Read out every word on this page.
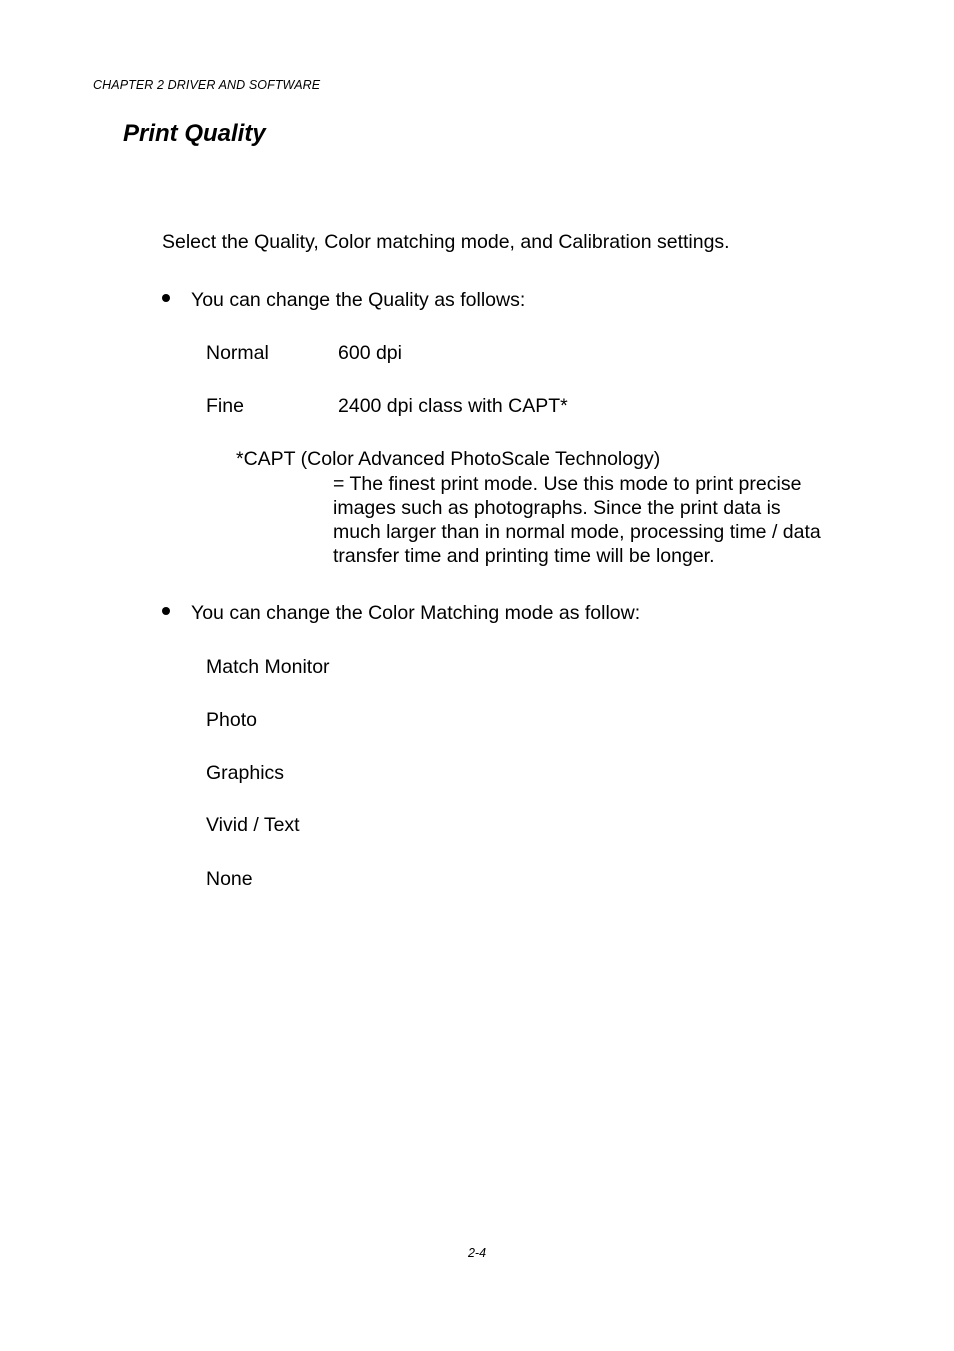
CHAPTER 2 DRIVER AND SOFTWARE
Print Quality
Select the Quality, Color matching mode, and Calibration settings.
You can change the Quality as follows:
Normal	600 dpi
Fine	2400 dpi class with CAPT*
*CAPT (Color Advanced PhotoScale Technology)
= The finest print mode. Use this mode to print precise
images such as photographs. Since the print data is
much larger than in normal mode, processing time / data
transfer time and printing time will be longer.
You can change the Color Matching mode as follow:
Match Monitor
Photo
Graphics
Vivid / Text
None
2-4
